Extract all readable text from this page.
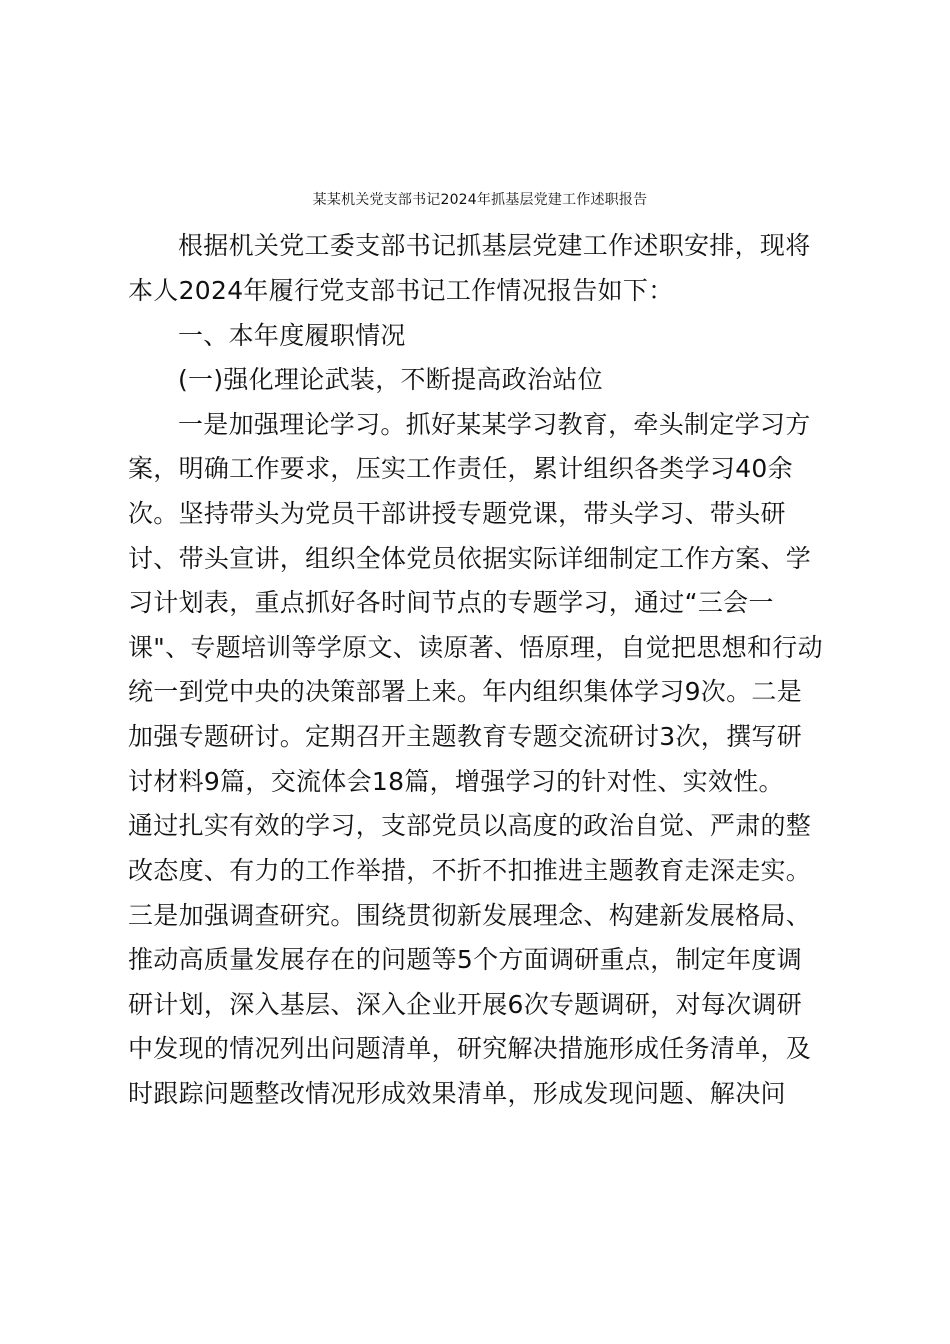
某某机关党支部书记2024年抓基层党建工作述职报告
根据机关党工委支部书记抓基层党建工作述职安排，现将
本人2024年履行党支部书记工作情况报告如下：
一、本年度履职情况
(一)强化理论武装，不断提高政治站位
一是加强理论学习。抓好某某学习教育，牵头制定学习方
案，明确工作要求，压实工作责任，累计组织各类学习40余
次。坚持带头为党员干部讲授专题党课，带头学习、带头研
讨、带头宣讲，组织全体党员依据实际详细制定工作方案、学
习计划表，重点抓好各时间节点的专题学习，通过“三会一
课"、专题培训等学原文、读原著、悟原理，自觉把思想和行动
统一到党中央的决策部署上来。年内组织集体学习9次。二是
加强专题研讨。定期召开主题教育专题交流研讨3次，撰写研
讨材料9篇，交流体会18篇，增强学习的针对性、实效性。
通过扎实有效的学习，支部党员以高度的政治自觉、严肃的整
改态度、有力的工作举措，不折不扣推进主题教育走深走实。
三是加强调查研究。围绕贯彻新发展理念、构建新发展格局、
推动高质量发展存在的问题等5个方面调研重点，制定年度调
研计划，深入基层、深入企业开展6次专题调研，对每次调研
中发现的情况列出问题清单，研究解决措施形成任务清单，及
时跟踪问题整改情况形成效果清单，形成发现问题、解决问
